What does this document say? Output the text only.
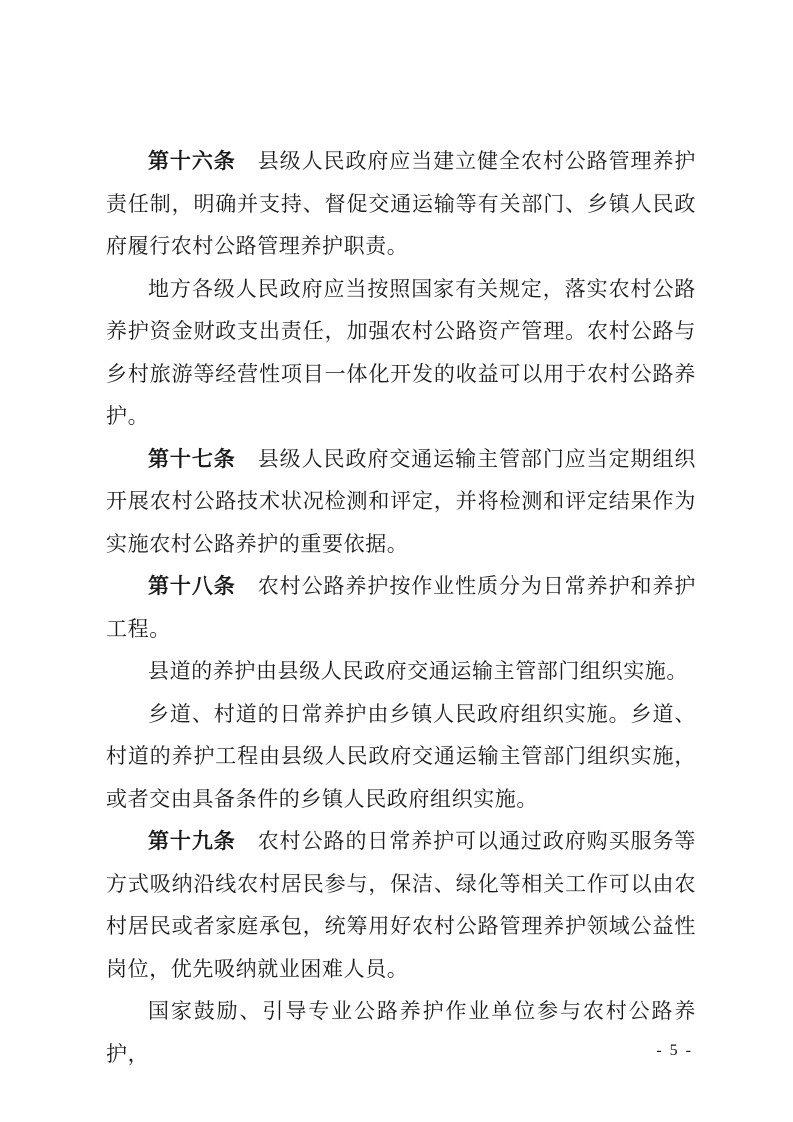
第十六条 县级人民政府应当建立健全农村公路管理养护责任制，明确并支持、督促交通运输等有关部门、乡镇人民政府履行农村公路管理养护职责。

地方各级人民政府应当按照国家有关规定，落实农村公路养护资金财政支出责任，加强农村公路资产管理。农村公路与乡村旅游等经营性项目一体化开发的收益可以用于农村公路养护。

第十七条 县级人民政府交通运输主管部门应当定期组织开展农村公路技术状况检测和评定，并将检测和评定结果作为实施农村公路养护的重要依据。

第十八条 农村公路养护按作业性质分为日常养护和养护工程。

县道的养护由县级人民政府交通运输主管部门组织实施。

乡道、村道的日常养护由乡镇人民政府组织实施。乡道、村道的养护工程由县级人民政府交通运输主管部门组织实施，或者交由具备条件的乡镇人民政府组织实施。

第十九条 农村公路的日常养护可以通过政府购买服务等方式吸纳沿线农村居民参与，保洁、绿化等相关工作可以由农村居民或者家庭承包，统筹用好农村公路管理养护领域公益性岗位，优先吸纳就业困难人员。

国家鼓励、引导专业公路养护作业单位参与农村公路养护，	- 5 -
